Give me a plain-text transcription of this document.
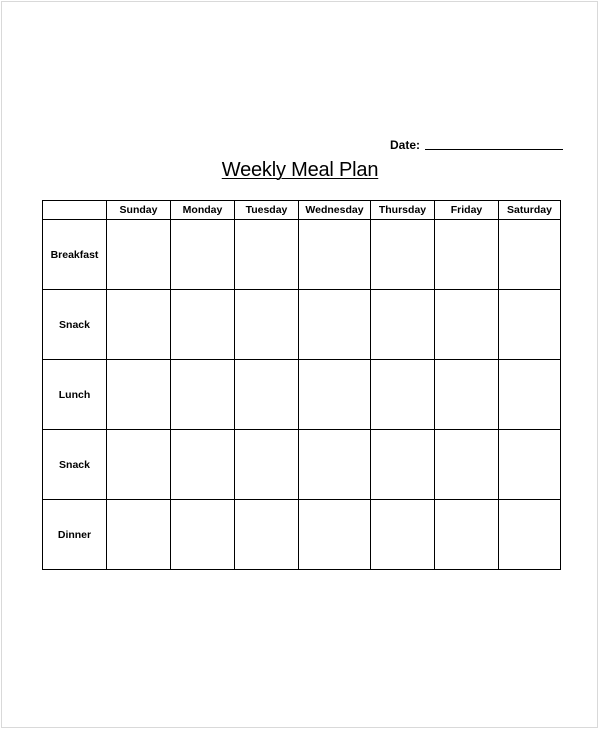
Date:
Weekly Meal Plan
	Sunday	Monday	Tuesday	Wednesday	Thursday	Friday	Saturday
Breakfast							
Snack							
Lunch							
Snack							
Dinner							
